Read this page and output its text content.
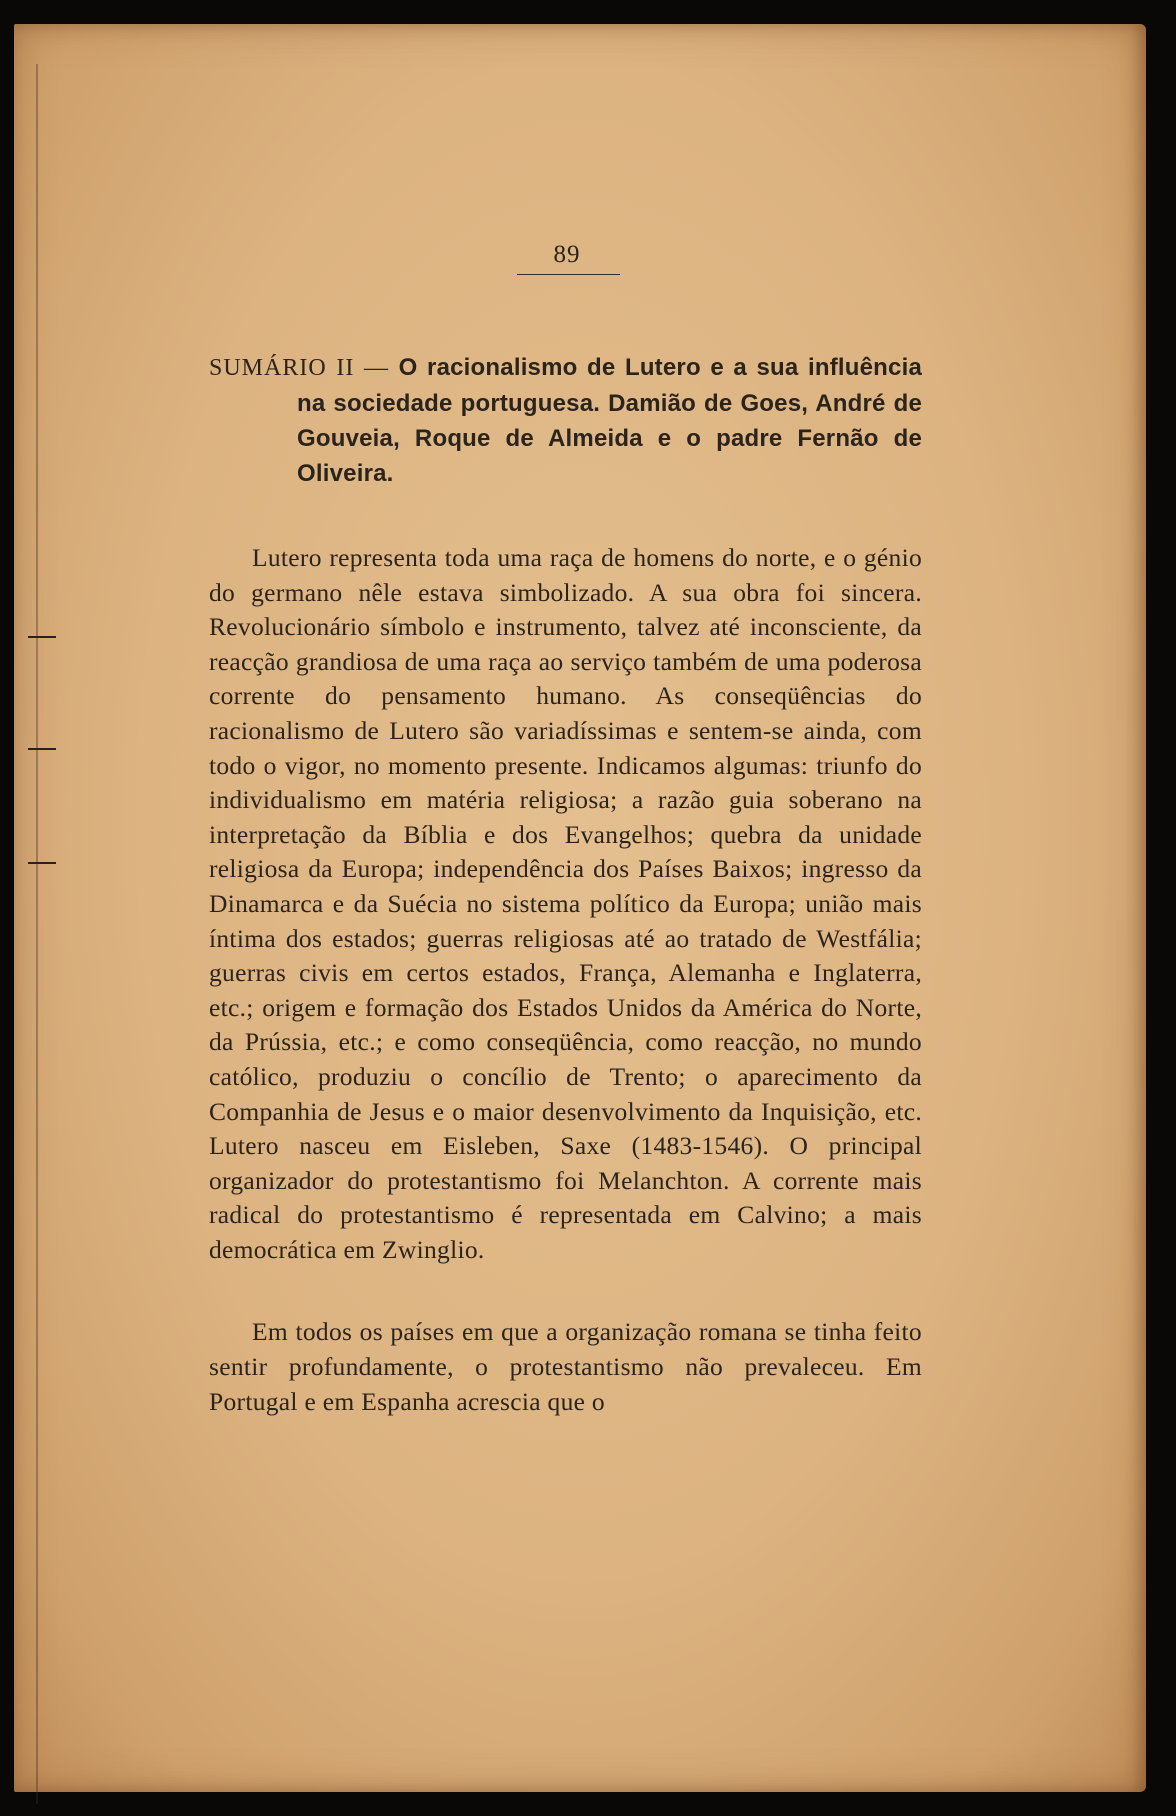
89
SUMÁRIO II — O racionalismo de Lutero e a sua influência na sociedade portuguesa. Damião de Goes, André de Gouveia, Roque de Almeida e o padre Fernão de Oliveira.

Lutero representa toda uma raça de homens do norte, e o génio do germano nêle estava simbolizado. A sua obra foi sincera. Revolucionário símbolo e instrumento, talvez até inconsciente, da reacção grandiosa de uma raça ao serviço também de uma poderosa corrente do pensamento humano. As conseqüências do racionalismo de Lutero são variadíssimas e sentem-se ainda, com todo o vigor, no momento presente. Indicamos algumas: triunfo do individualismo em matéria religiosa; a razão guia soberano na interpretação da Bíblia e dos Evangelhos; quebra da unidade religiosa da Europa; independência dos Países Baixos; ingresso da Dinamarca e da Suécia no sistema político da Europa; união mais íntima dos estados; guerras religiosas até ao tratado de Westfália; guerras civis em certos estados, França, Alemanha e Inglaterra, etc.; origem e formação dos Estados Unidos da América do Norte, da Prússia, etc.; e como conseqüência, como reacção, no mundo católico, produziu o concílio de Trento; o aparecimento da Companhia de Jesus e o maior desenvolvimento da Inquisição, etc. Lutero nasceu em Eisleben, Saxe (1483-1546). O principal organizador do protestantismo foi Melanchton. A corrente mais radical do protestantismo é representada em Calvino; a mais democrática em Zwinglio.

Em todos os países em que a organização romana se tinha feito sentir profundamente, o protestantismo não prevaleceu. Em Portugal e em Espanha acrescia que o
